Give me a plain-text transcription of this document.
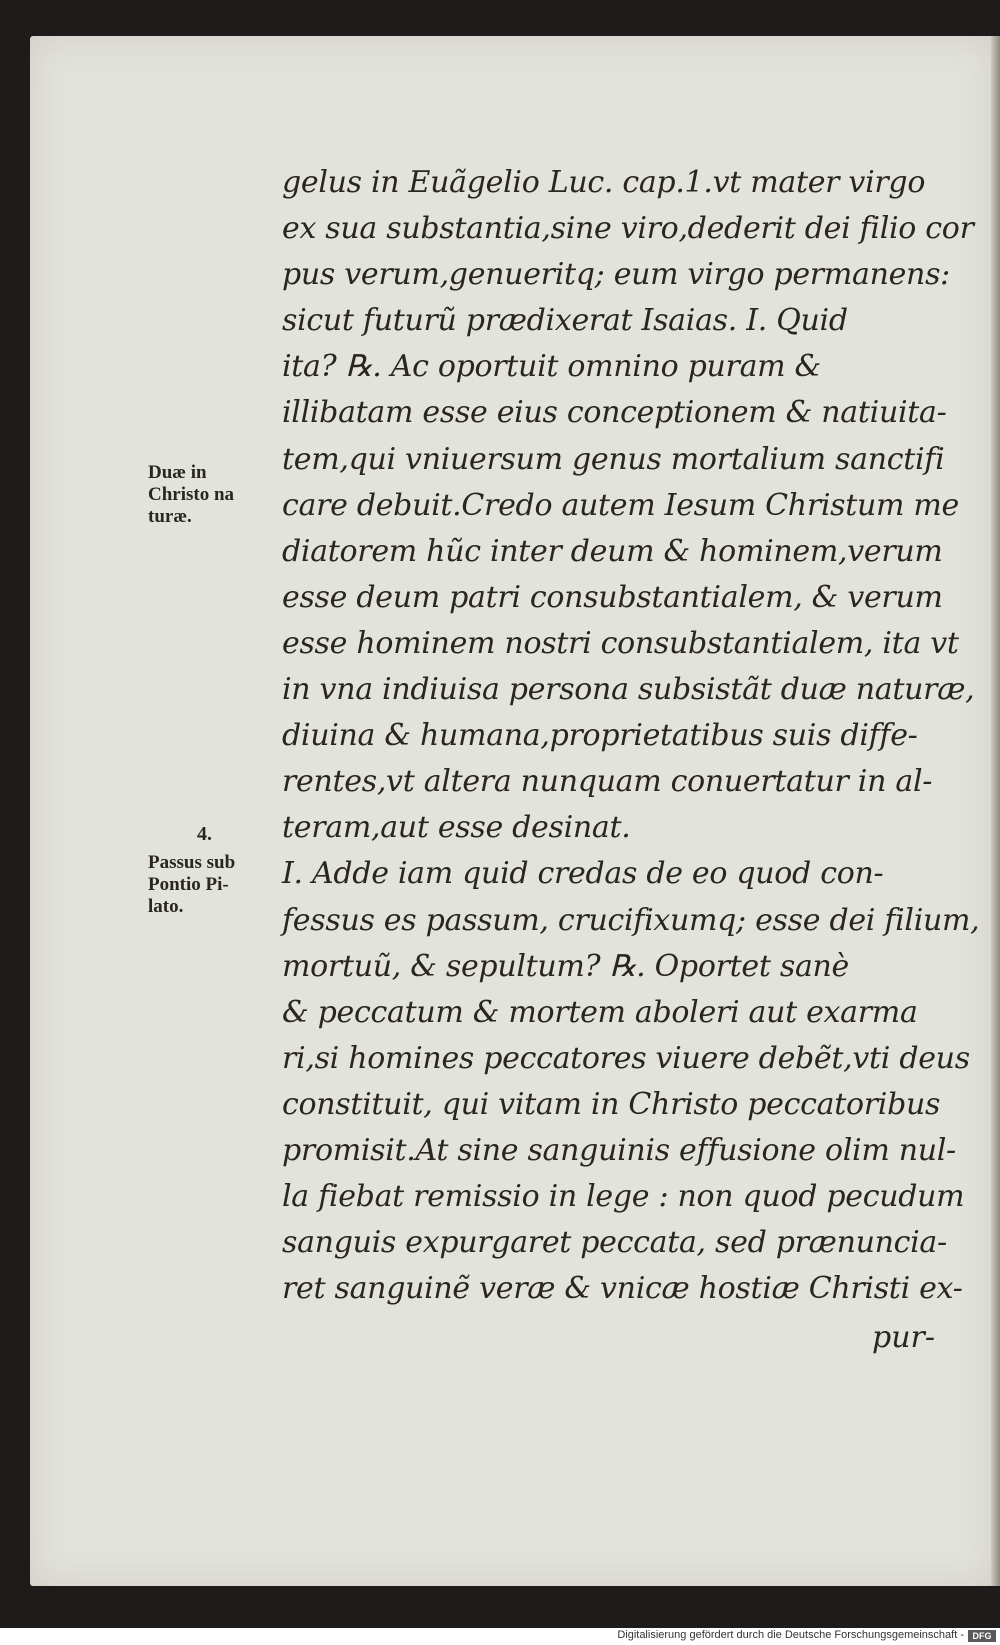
Duæ in
Christo na
turæ.
4.
Passus sub
Pontio Pi-
lato.
gelus in Euãgelio Luc. cap.1.vt mater virgo
ex sua substantia,sine viro,dederit dei filio cor
pus verum,genueritq; eum virgo permanens:
sicut futurũ prædixerat Isaias. I. Quid
ita? ℞. Ac oportuit omnino puram &
illibatam esse eius conceptionem & natiuita-
tem,qui vniuersum genus mortalium sanctifi
care debuit.Credo autem Iesum Christum me
diatorem hũc inter deum & hominem,verum
esse deum patri consubstantialem, & verum
esse hominem nostri consubstantialem, ita vt
in vna indiuisa persona subsistãt duæ naturæ,
diuina & humana,proprietatibus suis diffe-
rentes,vt altera nunquam conuertatur in al-
teram,aut esse desinat.
I. Adde iam quid credas de eo quod con-
fessus es passum, crucifixumq; esse dei filium,
mortuũ, & sepultum? ℞. Oportet sanè
& peccatum & mortem aboleri aut exarma
ri,si homines peccatores viuere debẽt,vti deus
constituit, qui vitam in Christo peccatoribus
promisit.At sine sanguinis effusione olim nul-
la fiebat remissio in lege : non quod pecudum
sanguis expurgaret peccata, sed prænuncia-
ret sanguinẽ veræ & vnicæ hostiæ Christi ex-
pur-
Digitalisierung gefördert durch die Deutsche Forschungsgemeinschaft - DFG
